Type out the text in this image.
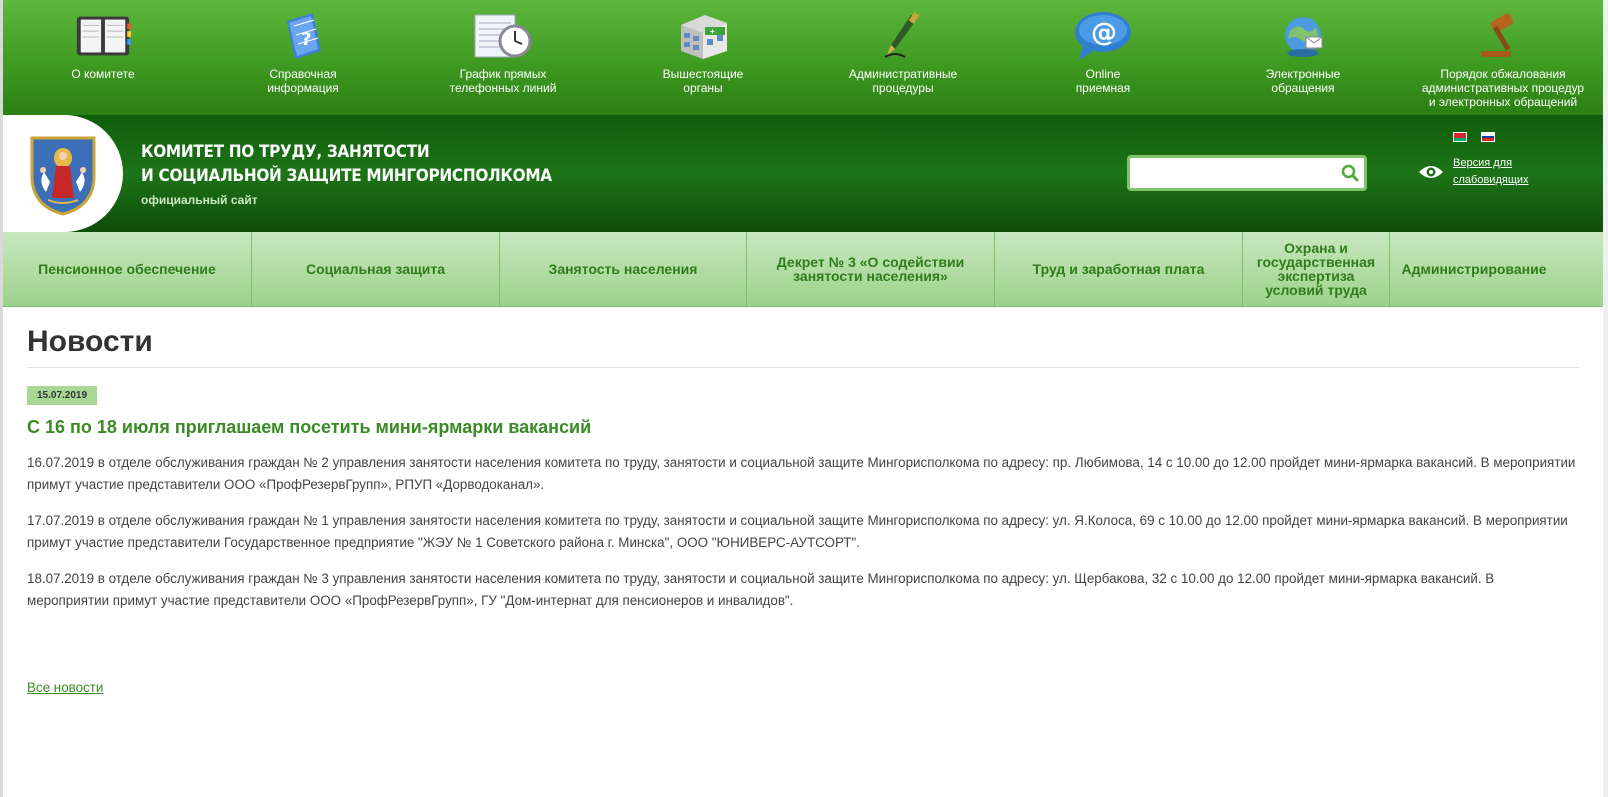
О комитете
?
Справочная
информация
График прямых
телефонных линий
+
Вышестоящие
органы
Административные
процедуры
@
Online
приемная
Электронные
обращения
Порядок обжалования
административных процедур
и электронных обращений
КОМИТЕТ ПО ТРУДУ, ЗАНЯТОСТИ
И СОЦИАЛЬНОЙ ЗАЩИТЕ МИНГОРИСПОЛКОМА
официальный сайт
Версия для
слабовидящих
Пенсионное обеспечение	Социальная защита	Занятость населения	Декрет № 3 «О содействии
занятости населения»	Труд и заработная плата
Охрана и
государственная
экспертиза
условий труда
Администрирование
Новости
15.07.2019
С 16 по 18 июля приглашаем посетить мини-ярмарки вакансий

16.07.2019 в отделе обслуживания граждан № 2 управления занятости населения комитета по труду, занятости и социальной защите Мингорисполкома по адресу: пр. Любимова, 14 с 10.00 до 12.00 пройдет мини-ярмарка вакансий. В мероприятии примут участие представители ООО «ПрофРезервГрупп», РПУП «Дорводоканал».

17.07.2019 в отделе обслуживания граждан № 1 управления занятости населения комитета по труду, занятости и социальной защите Мингорисполкома по адресу: ул. Я.Колоса, 69 с 10.00 до 12.00 пройдет мини-ярмарка вакансий. В мероприятии примут участие представители Государственное предприятие "ЖЭУ № 1 Советского района г. Минска", ООО "ЮНИВЕРС-АУТСОРТ".

18.07.2019 в отделе обслуживания граждан № 3 управления занятости населения комитета по труду, занятости и социальной защите Мингорисполкома по адресу: ул. Щербакова, 32 с 10.00 до 12.00 пройдет мини-ярмарка вакансий. В мероприятии примут участие представители ООО «ПрофРезервГрупп», ГУ "Дом-интернат для пенсионеров и инвалидов".

Все новости
